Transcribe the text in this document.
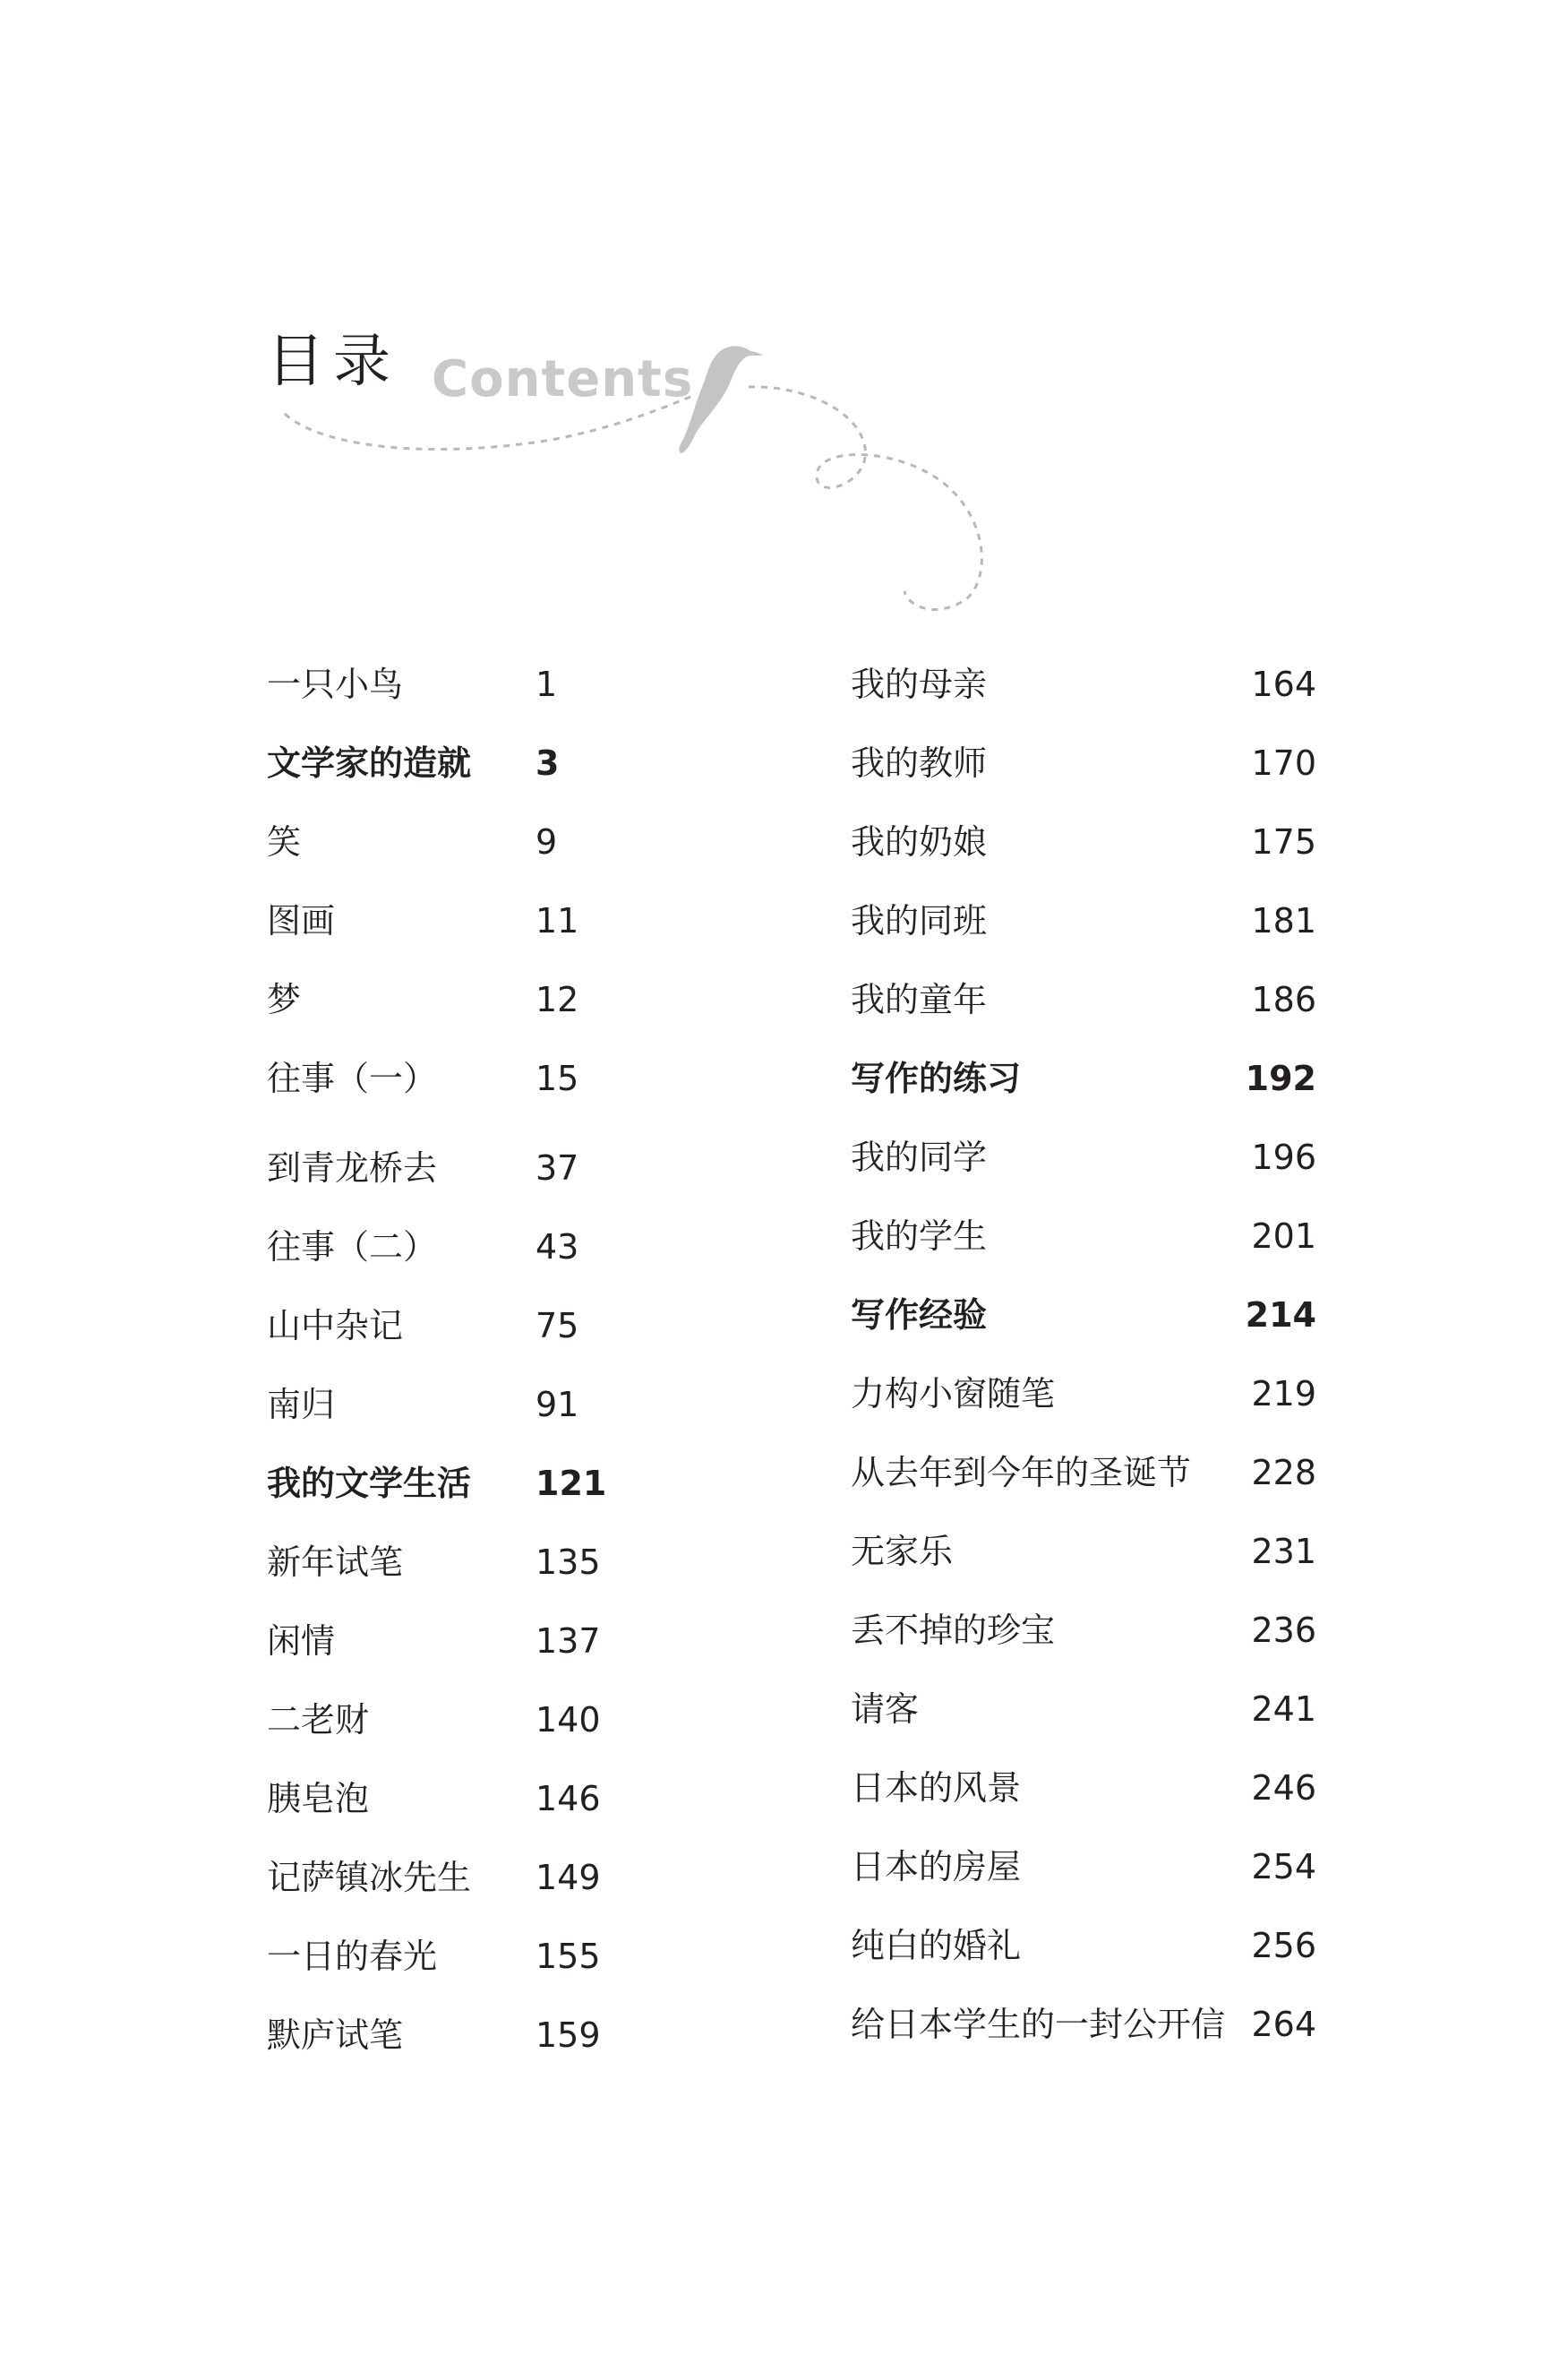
目录 Contents
一只小鸟	1
文学家的造就 3
笑	9
图画	11
梦	12
往事（一）	15
到青龙桥去	37
往事（二）	43
山中杂记	75
南归	91
我的文学生活 121
新年试笔	135
闲情	137
二老财	140
胰皂泡	146
记萨镇冰先生 149
一日的春光	155
默庐试笔	159
我的母亲	164
我的教师	170
我的奶娘	175
我的同班	181
我的童年	186
写作的练习	192
我的同学	196
我的学生	201
写作经验	214
力构小窗随笔	219
从去年到今年的圣诞节 228
无家乐	231
丢不掉的珍宝	236
请客	241
日本的风景	246
日本的房屋	254
纯白的婚礼	256
给日本学生的一封公开信 264
